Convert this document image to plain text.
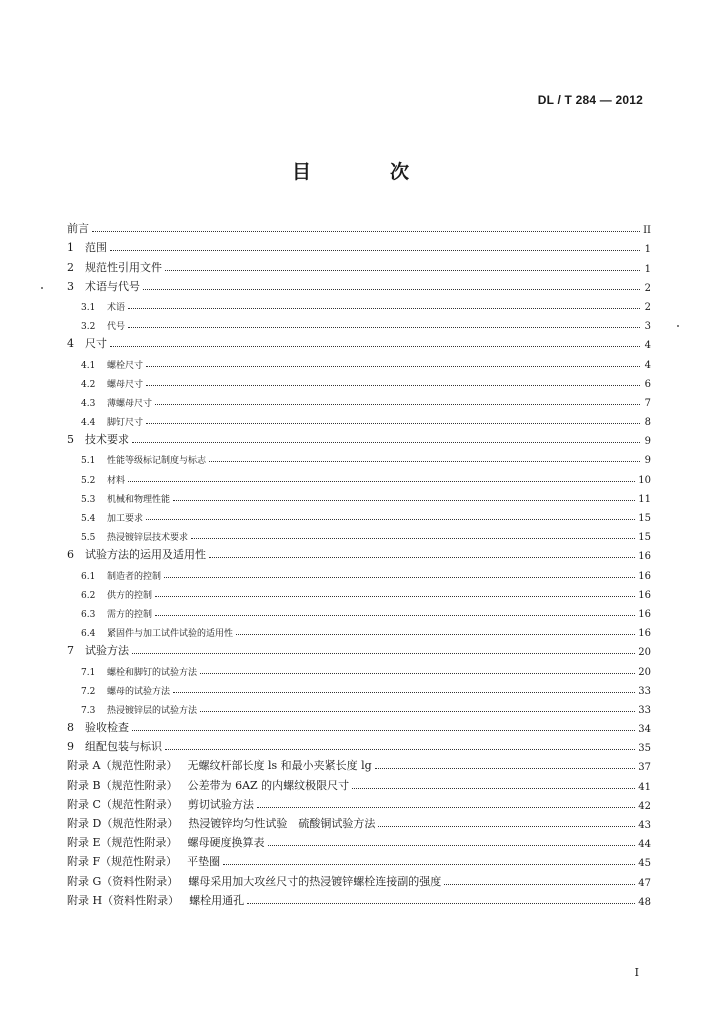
DL / T 284 — 2012
目　次
前言	II
1 范围	1
2 规范性引用文件	1
3 术语与代号	2
3.1 术语	2
3.2 代号	3
4 尺寸	4
4.1 螺栓尺寸	4
4.2 螺母尺寸	6
4.3 薄螺母尺寸	7
4.4 脚钉尺寸	8
5 技术要求	9
5.1 性能等级标记制度与标志	9
5.2 材料	10
5.3 机械和物理性能	11
5.4 加工要求	15
5.5 热浸镀锌层技术要求	15
6 试验方法的运用及适用性	16
6.1 制造者的控制	16
6.2 供方的控制	16
6.3 需方的控制	16
6.4 紧固件与加工试件试验的适用性	16
7 试验方法	20
7.1 螺栓和脚钉的试验方法	20
7.2 螺母的试验方法	33
7.3 热浸镀锌层的试验方法	33
8 验收检查	34
9 组配包装与标识	35
附录 A（规范性附录） 无螺纹杆部长度 ls 和最小夹紧长度 lg	37
附录 B（规范性附录） 公差带为 6AZ 的内螺纹极限尺寸	41
附录 C（规范性附录） 剪切试验方法	42
附录 D（规范性附录） 热浸镀锌均匀性试验　硫酸铜试验方法	43
附录 E（规范性附录） 螺母硬度换算表	44
附录 F（规范性附录） 平垫圈	45
附录 G（资料性附录） 螺母采用加大攻丝尺寸的热浸镀锌螺栓连接副的强度	47
附录 H（资料性附录） 螺栓用通孔	48
I
